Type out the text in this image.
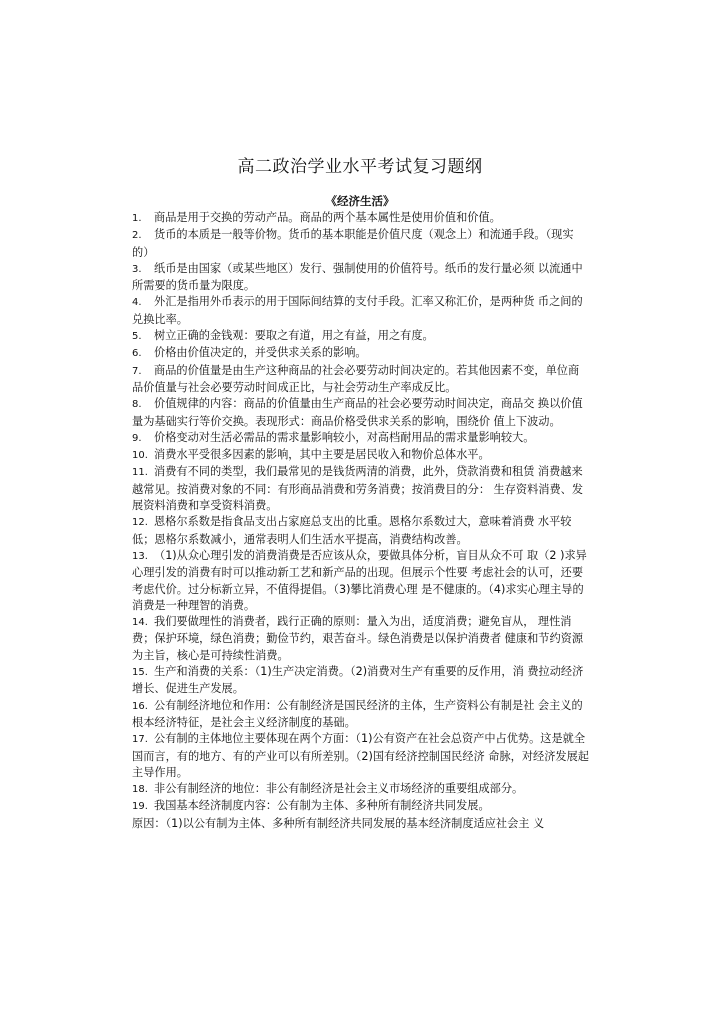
高二政治学业水平考试复习题纲
《经济生活》

1. 商品是用于交换的劳动产品。商品的两个基本属性是使用价值和价值。

2. 货币的本质是一般等价物。货币的基本职能是价值尺度（观念上）和流通手段。（现实的）

3. 纸币是由国家（或某些地区）发行、强制使用的价值符号。纸币的发行量必须 以流通中所需要的货币量为限度。

4. 外汇是指用外币表示的用于国际间结算的支付手段。汇率又称汇价，是两种货 币之间的兑换比率。

5. 树立正确的金钱观：要取之有道，用之有益，用之有度。

6. 价格由价值决定的，并受供求关系的影响。

7. 商品的价值量是由生产这种商品的社会必要劳动时间决定的。若其他因素不变，单位商品价值量与社会必要劳动时间成正比，与社会劳动生产率成反比。

8. 价值规律的内容：商品的价值量由生产商品的社会必要劳动时间决定，商品交 换以价值量为基础实行等价交换。表现形式：商品价格受供求关系的影响，围绕价 值上下波动。

9. 价格变动对生活必需品的需求量影响较小，对高档耐用品的需求量影响较大。

10. 消费水平受很多因素的影响，其中主要是居民收入和物价总体水平。

11. 消费有不同的类型，我们最常见的是钱货两清的消费，此外，贷款消费和租赁 消费越来越常见。按消费对象的不同：有形商品消费和劳务消费；按消费目的分： 生存资料消费、发展资料消费和享受资料消费。

12. 恩格尔系数是指食品支出占家庭总支出的比重。恩格尔系数过大，意味着消费 水平较低；恩格尔系数减小，通常表明人们生活水平提高，消费结构改善。

13. （1)从众心理引发的消费消费是否应该从众，要做具体分析，盲目从众不可 取（2 )求异心理引发的消费有时可以推动新工艺和新产品的出现。但展示个性要 考虑社会的认可，还要考虑代价。过分标新立异，不值得提倡。（3)攀比消费心理 是不健康的。（4)求实心理主导的消费是一种理智的消费。

14. 我们要做理性的消费者，践行正确的原则：量入为出，适度消费；避免盲从， 理性消费；保护环境，绿色消费；勤俭节约，艰苦奋斗。绿色消费是以保护消费者 健康和节约资源为主旨，核心是可持续性消费。

15. 生产和消费的关系：（1)生产决定消费。（2)消费对生产有重要的反作用，消 费拉动经济增长、促进生产发展。

16. 公有制经济地位和作用：公有制经济是国民经济的主体，生产资料公有制是社 会主义的根本经济特征，是社会主义经济制度的基础。

17. 公有制的主体地位主要体现在两个方面：（1)公有资产在社会总资产中占优势。这是就全国而言，有的地方、有的产业可以有所差别。（2)国有经济控制国民经济 命脉，对经济发展起主导作用。

18. 非公有制经济的地位：非公有制经济是社会主义市场经济的重要组成部分。

19. 我国基本经济制度内容：公有制为主体、多种所有制经济共同发展。

原因：（1)以公有制为主体、多种所有制经济共同发展的基本经济制度适应社会主 义
